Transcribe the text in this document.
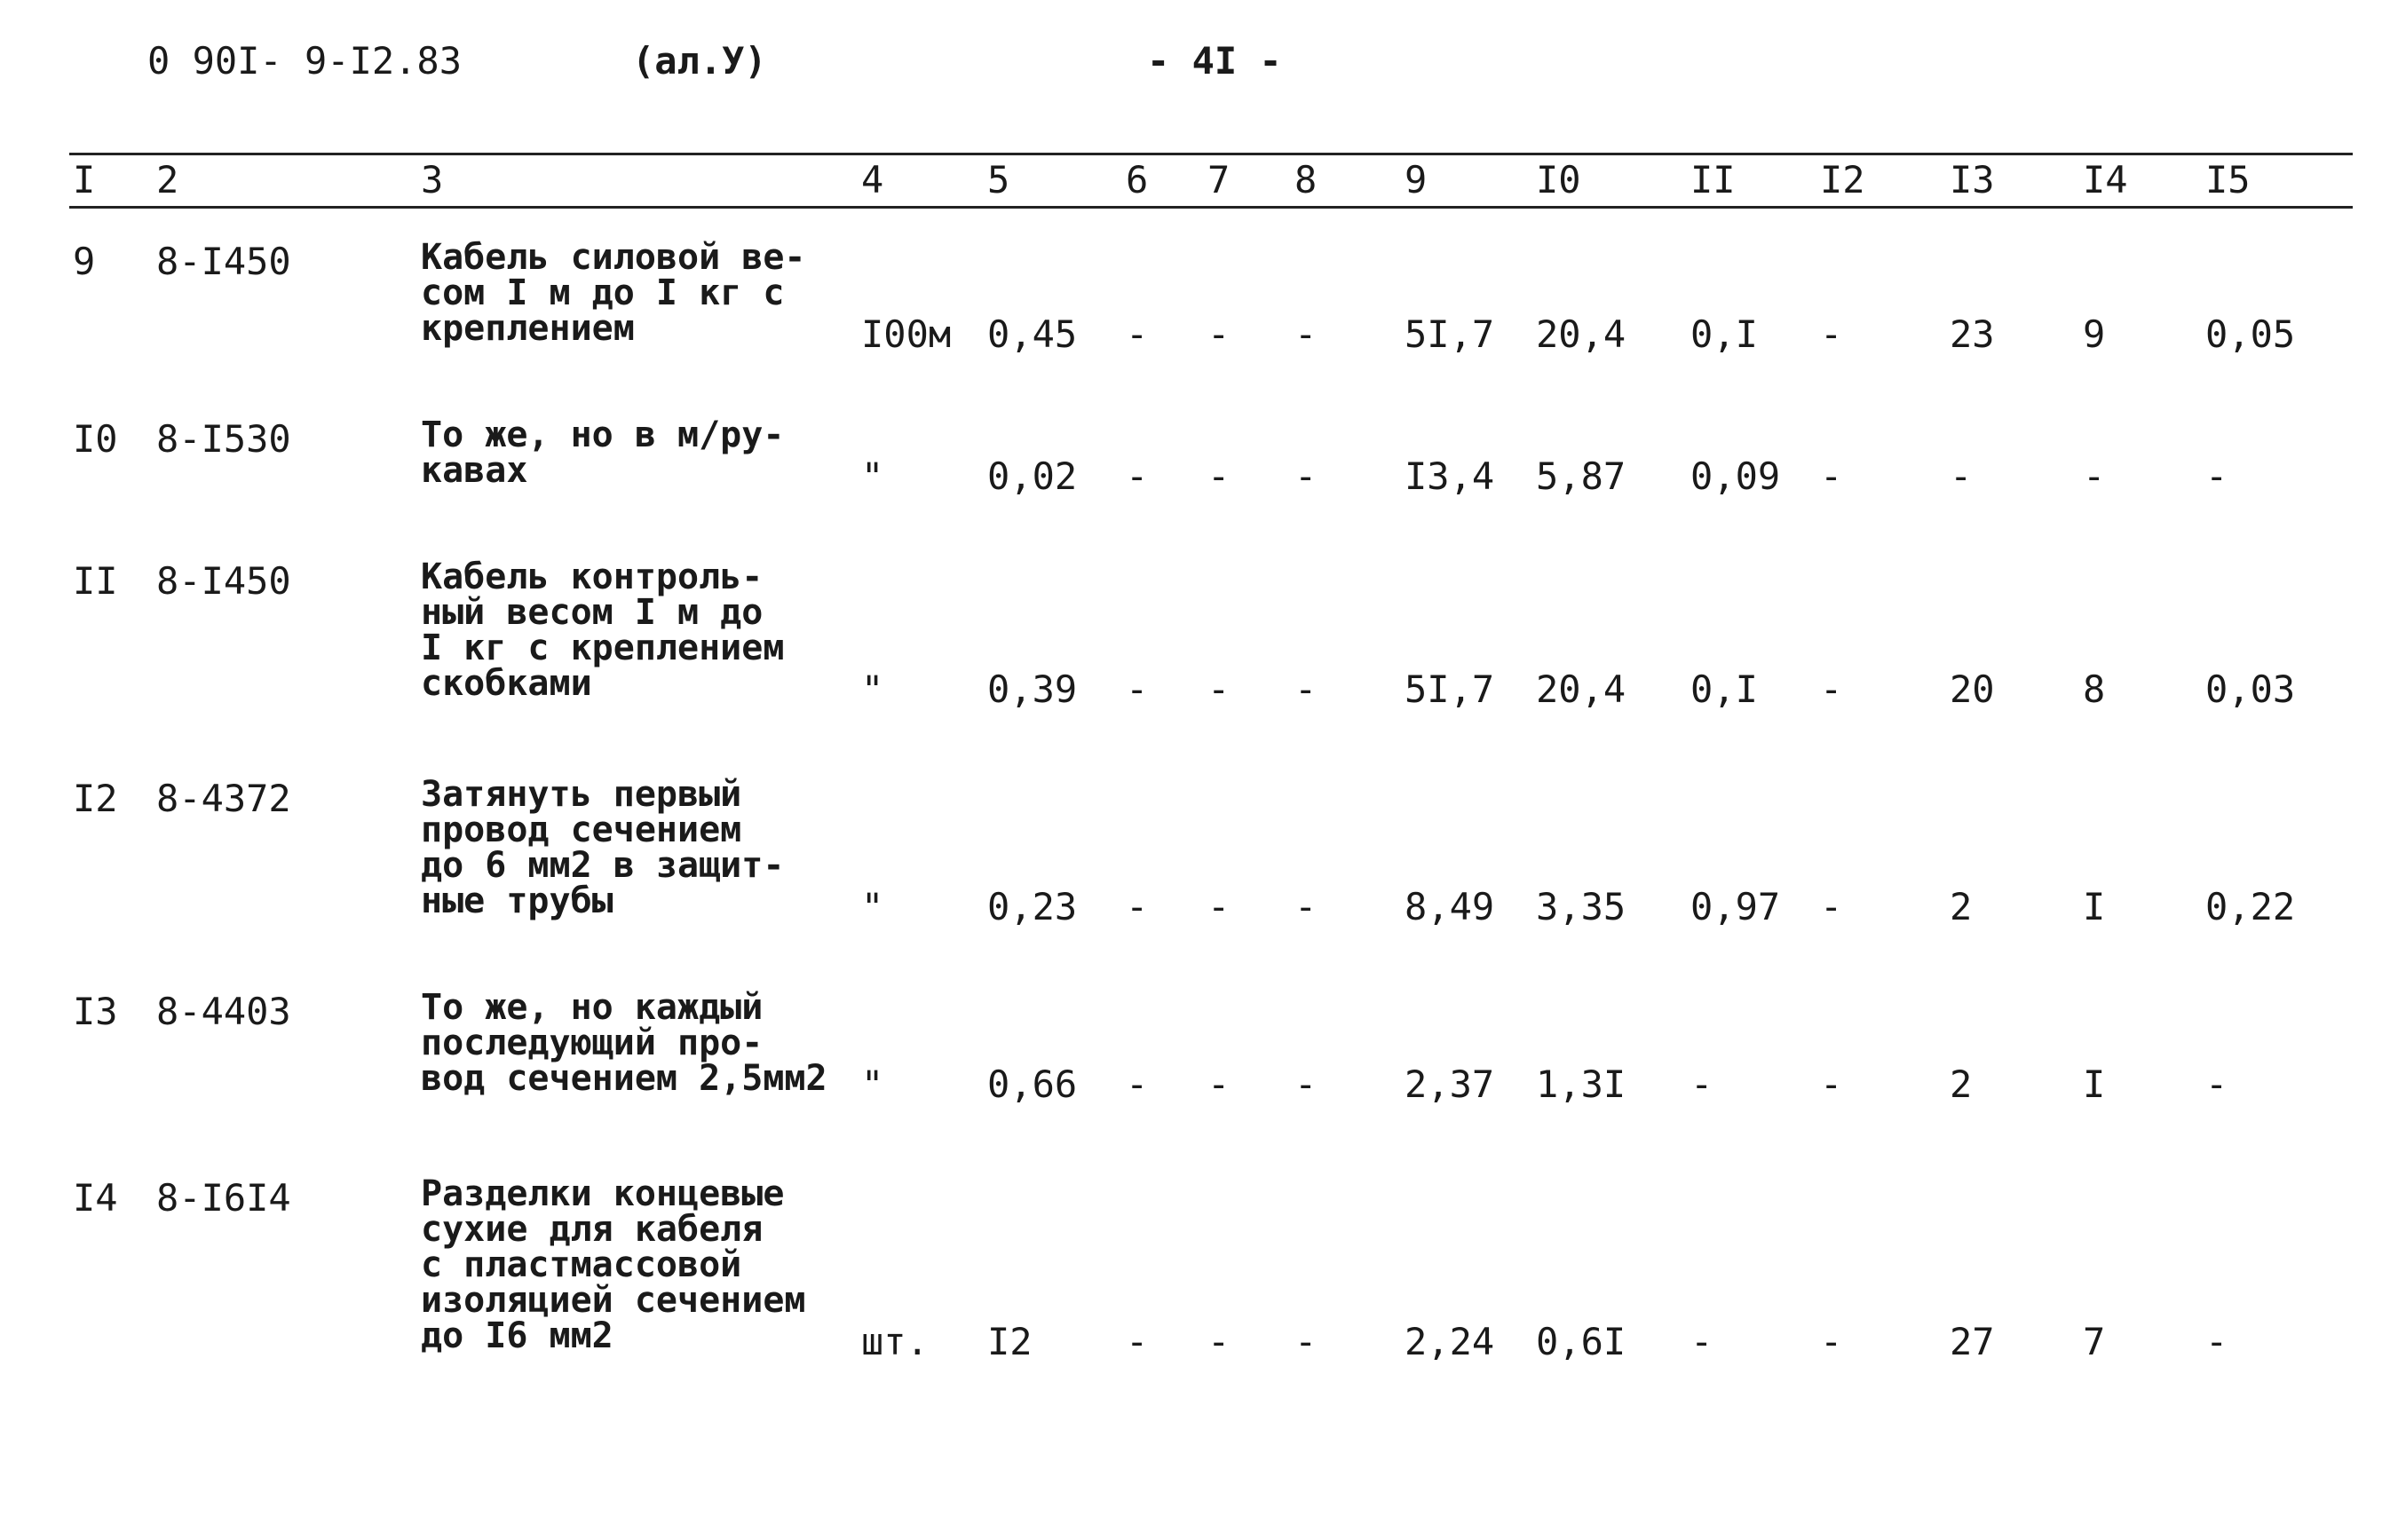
0 90I- 9-I2.83	(ал.У)	- 4I -
I 2	3	4	5	6 7 8 9	I0	II I2 I3 I4 I5
9 8-I450	Кабель силовой ве-
сом I м до I кг с
креплением	I00м 0,45 - - - 5I,7 20,4 0,I -	23 9	0,05
I0 8-I530	То же, но в м/ру-
кавах	"	0,02 - - - I3,4 5,87 0,09 -	-	-	-
II 8-I450	Кабель контроль-
ный весом I м до
I кг с креплением
скобками	"	0,39 - - - 5I,7 20,4 0,I -	20 8	0,03
I2 8-4372	Затянуть первый
провод сечением
до 6 мм2 в защит-
ные трубы	"	0,23 - - - 8,49 3,35 0,97 -	2	I	0,22
I3 8-4403	То же, но каждый
последующий про-
вод сечением 2,5мм2 "	0,66 - - - 2,37 1,3I -	-	2	I	-
I4 8-I6I4	Разделки концевые
сухие для кабеля
с пластмассовой
изоляцией сечением
до I6 мм2	шт. I2	- - - 2,24 0,6I -	-	27 7	-
